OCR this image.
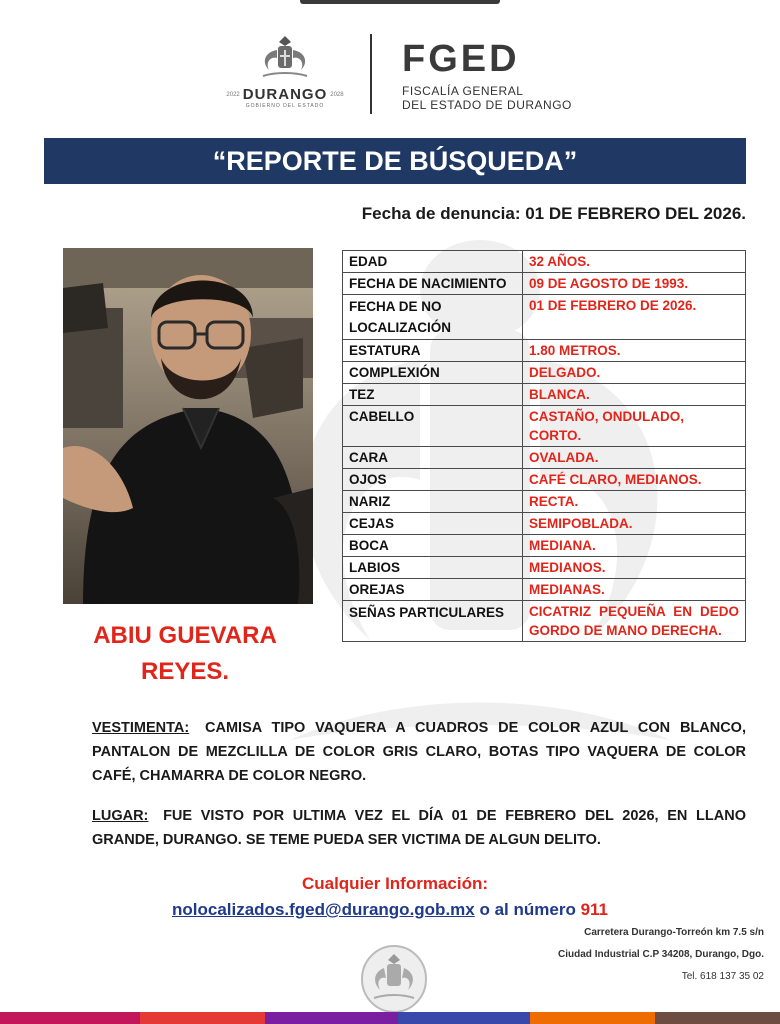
2022 DURANGO 2028
GOBIERNO DEL ESTADO
FGED
FISCALÍA GENERAL
DEL ESTADO DE DURANGO
“REPORTE DE BÚSQUEDA”
Fecha de denuncia: 01 DE FEBRERO DEL 2026.
ABIU GUEVARA
REYES.
EDAD	32 AÑOS.
FECHA DE NACIMIENTO	09 DE AGOSTO DE 1993.
FECHA DE NO LOCALIZACIÓN	01 DE FEBRERO DE 2026.
ESTATURA	1.80 METROS.
COMPLEXIÓN	DELGADO.
TEZ	BLANCA.
CABELLO	CASTAÑO, ONDULADO, CORTO.
CARA	OVALADA.
OJOS	CAFÉ CLARO, MEDIANOS.
NARIZ	RECTA.
CEJAS	SEMIPOBLADA.
BOCA	MEDIANA.
LABIOS	MEDIANOS.
OREJAS	MEDIANAS.
SEÑAS PARTICULARES	CICATRIZ PEQUEÑA EN DEDO GORDO DE MANO DERECHA.
VESTIMENTA: CAMISA TIPO VAQUERA A CUADROS DE COLOR AZUL CON BLANCO, PANTALON DE MEZCLILLA DE COLOR GRIS CLARO, BOTAS TIPO VAQUERA DE COLOR CAFÉ, CHAMARRA DE COLOR NEGRO.
LUGAR: FUE VISTO POR ULTIMA VEZ EL DÍA 01 DE FEBRERO DEL 2026, EN LLANO GRANDE, DURANGO. SE TEME PUEDA SER VICTIMA DE ALGUN DELITO.
Cualquier Información:
nolocalizados.fged@durango.gob.mx o al número 911
Carretera Durango-Torreón km 7.5 s/n
Ciudad Industrial C.P 34208, Durango, Dgo.
Tel. 618 137 35 02
